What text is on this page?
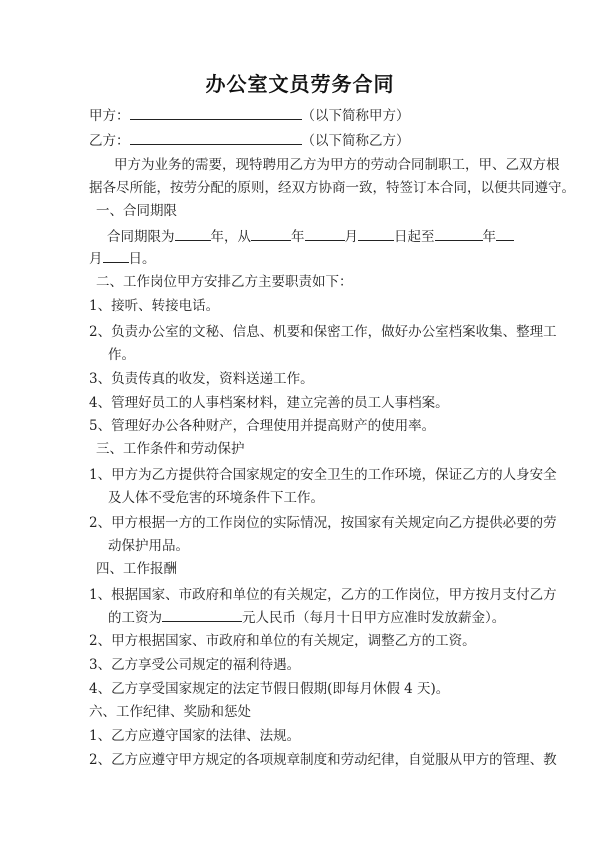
办公室文员劳务合同
甲方：	（以下简称甲方）
乙方：	（以下简称乙方）
甲方为业务的需要，现特聘用乙方为甲方的劳动合同制职工，甲、乙双方根
据各尽所能，按劳分配的原则，经双方协商一致，特签订本合同，以便共同遵守。
一、合同期限
合同期限为	年，从	年	月	日起至	年
月 日。
二、工作岗位甲方安排乙方主要职责如下：
1、接听、转接电话。
2、负责办公室的文秘、信息、机要和保密工作，做好办公室档案收集、整理工
作。
3、负责传真的收发，资料送递工作。
4、管理好员工的人事档案材料，建立完善的员工人事档案。
5、管理好办公各种财产，合理使用并提高财产的使用率。
三、工作条件和劳动保护
1、甲方为乙方提供符合国家规定的安全卫生的工作环境，保证乙方的人身安全
及人体不受危害的环境条件下工作。
2、甲方根据一方的工作岗位的实际情况，按国家有关规定向乙方提供必要的劳
动保护用品。
四、工作报酬
1、根据国家、市政府和单位的有关规定，乙方的工作岗位，甲方按月支付乙方
的工资为	元人民币（每月十日甲方应准时发放薪金）。
2、甲方根据国家、市政府和单位的有关规定，调整乙方的工资。
3、乙方享受公司规定的福利待遇。
4、乙方享受国家规定的法定节假日假期(即每月休假 4 天)。
六、工作纪律、奖励和惩处
1、乙方应遵守国家的法律、法规。
2、乙方应遵守甲方规定的各项规章制度和劳动纪律，自觉服从甲方的管理、教
